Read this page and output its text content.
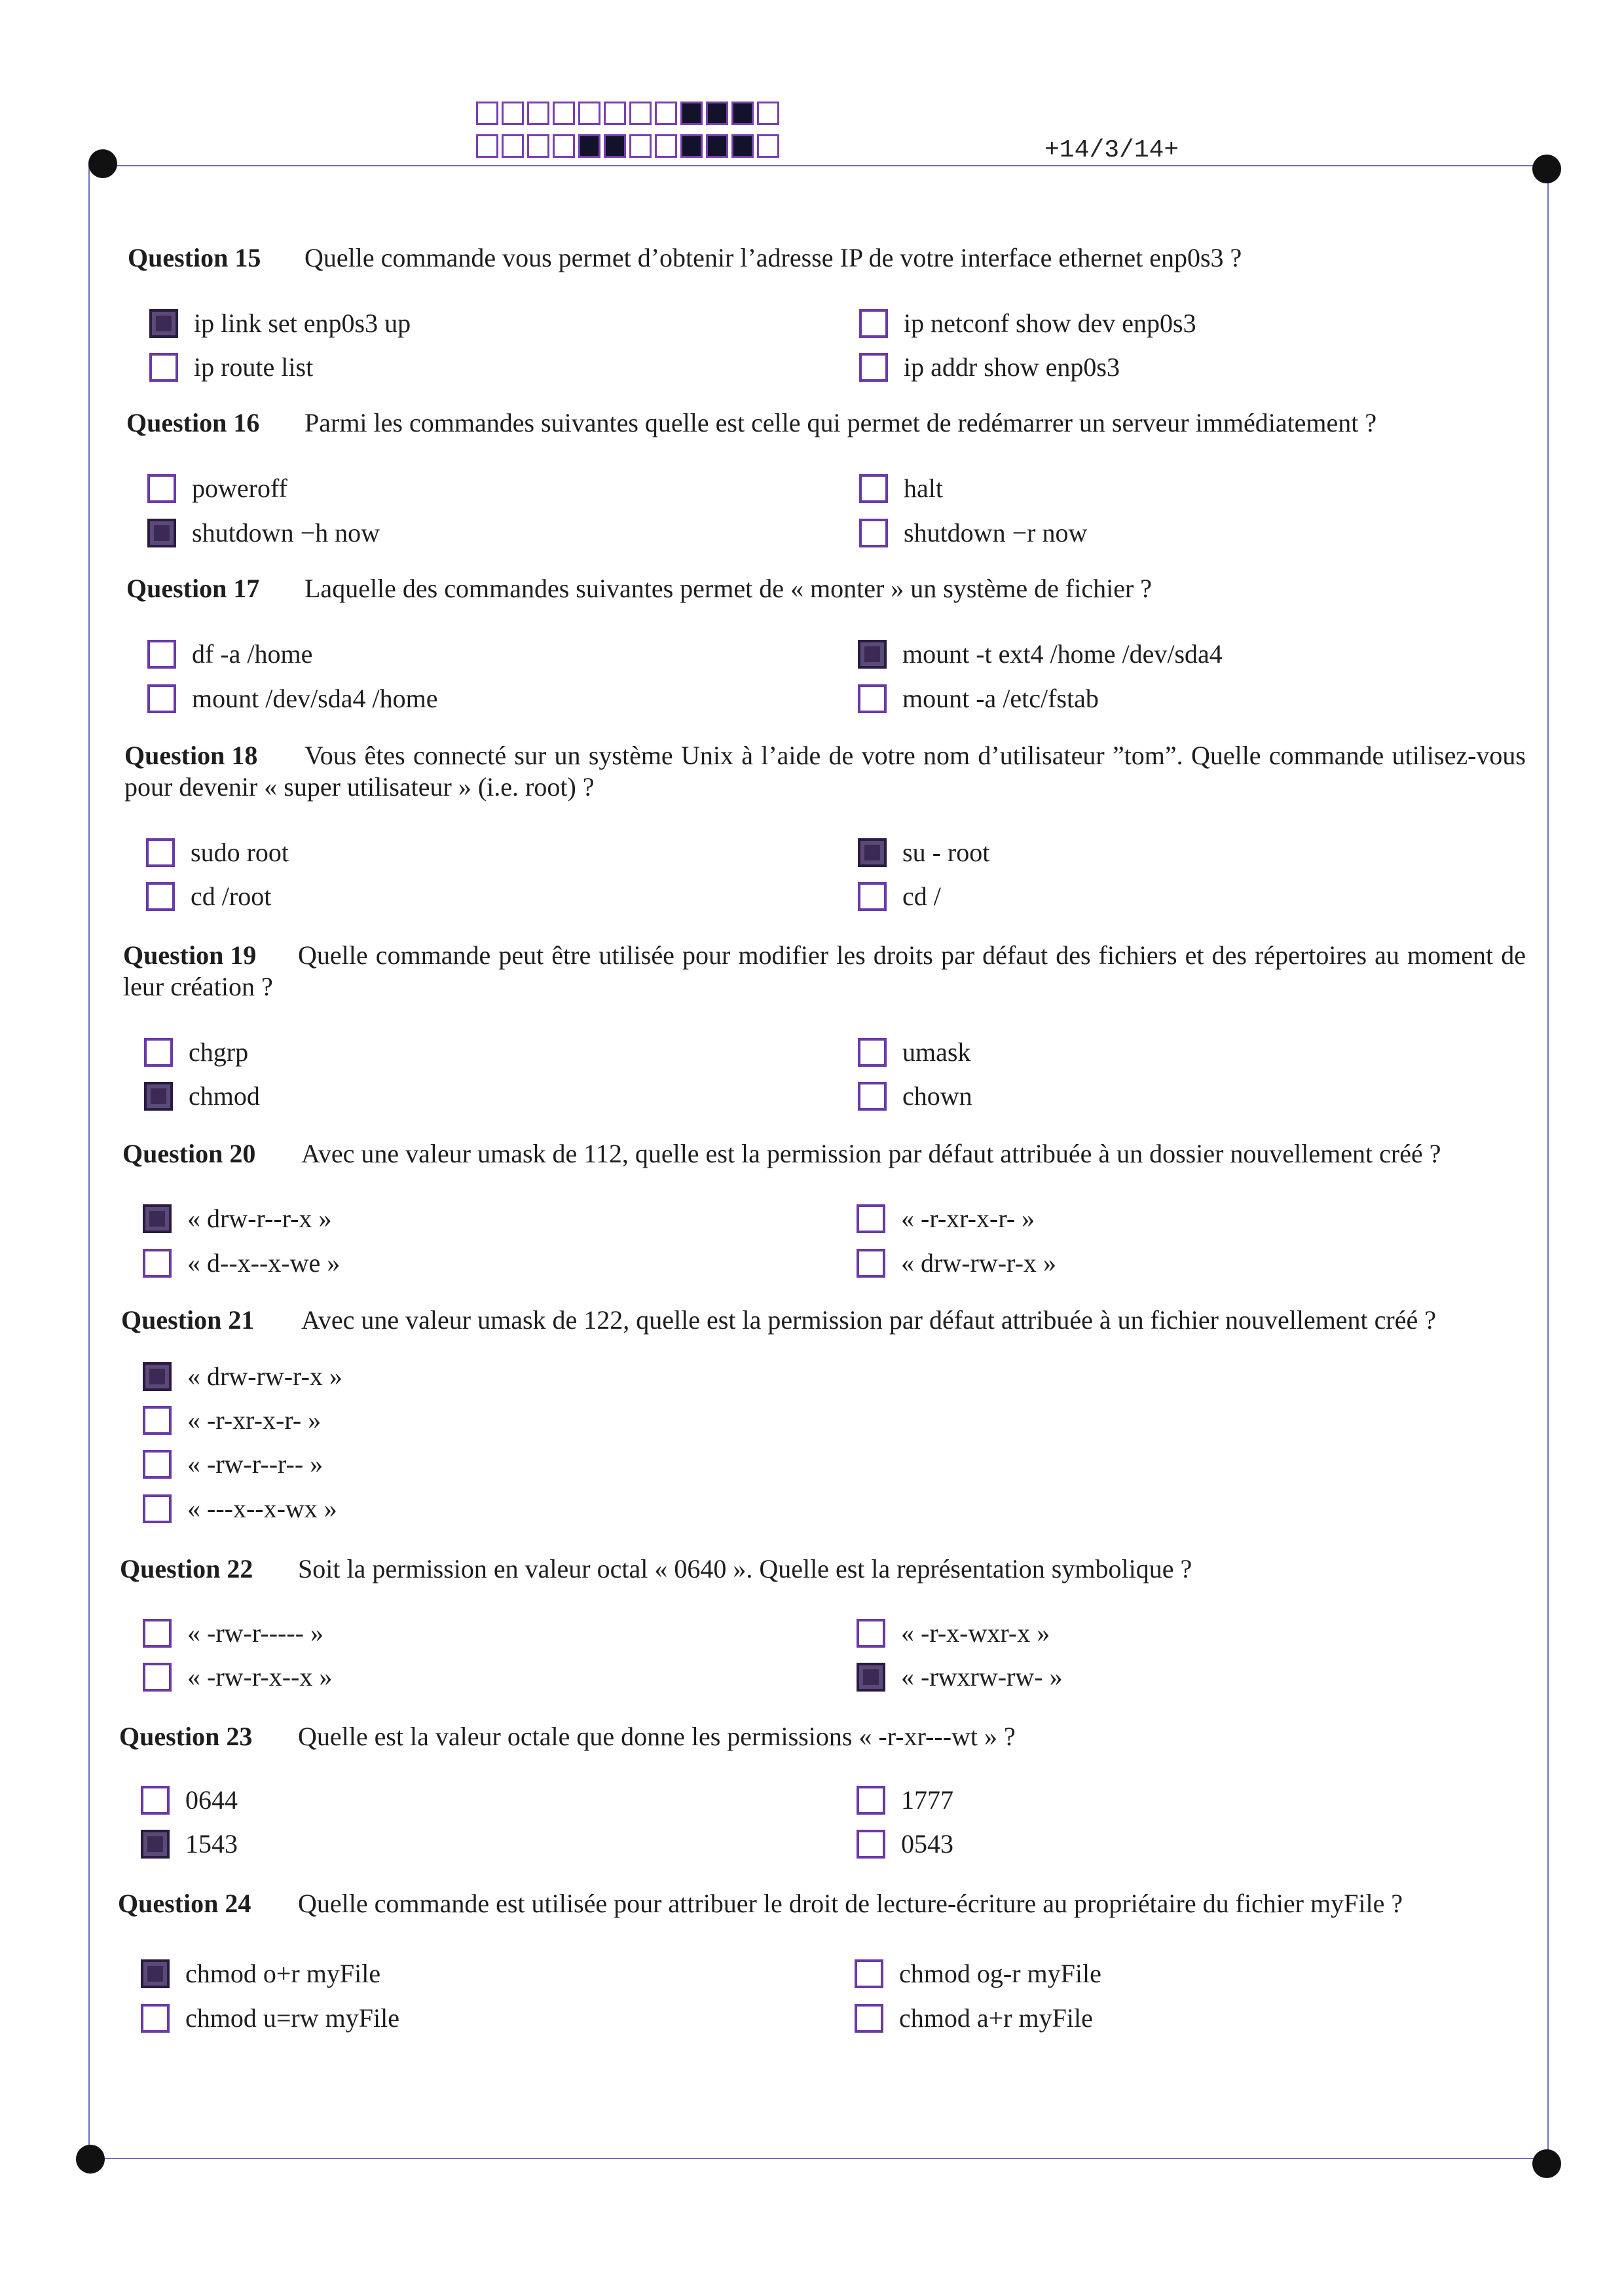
+14/3/14+
Question 15 Quelle commande vous permet d’obtenir l’adresse IP de votre interface ethernet enp0s3 ?
ip link set enp0s3 up	ip netconf show dev enp0s3
ip route list	ip addr show enp0s3
Question 16 Parmi les commandes suivantes quelle est celle qui permet de redémarrer un serveur immédiatement ?
poweroff	halt
shutdown −h now	shutdown −r now
Question 17 Laquelle des commandes suivantes permet de « monter » un système de fichier ?
df -a /home	mount -t ext4 /home /dev/sda4
mount /dev/sda4 /home	mount -a /etc/fstab
Question 18	Vous êtes connecté sur un système Unix à l’aide de votre nom d’utilisateur ”tom”. Quelle commande utilisez-vous pour devenir « super utilisateur » (i.e. root) ?
sudo root	su - root
cd /root	cd /
Question 19	Quelle commande peut être utilisée pour modifier les droits par défaut des fichiers et des répertoires au moment de leur création ?
chgrp	umask
chmod	chown
Question 20 Avec une valeur umask de 112, quelle est la permission par défaut attribuée à un dossier nouvellement créé ?
« drw-r--r-x »	« -r-xr-x-r- »
« d--x--x-we »	« drw-rw-r-x »
Question 21 Avec une valeur umask de 122, quelle est la permission par défaut attribuée à un fichier nouvellement créé ?
« drw-rw-r-x »
« -r-xr-x-r- »
« -rw-r--r-- »
« ---x--x-wx »
Question 22 Soit la permission en valeur octal « 0640 ». Quelle est la représentation symbolique ?
« -rw-r----- »	« -r-x-wxr-x »
« -rw-r-x--x »	« -rwxrw-rw- »
Question 23 Quelle est la valeur octale que donne les permissions « -r-xr---wt » ?
0644	1777
1543	0543
Question 24 Quelle commande est utilisée pour attribuer le droit de lecture-écriture au propriétaire du fichier myFile ?
chmod o+r myFile	chmod og-r myFile
chmod u=rw myFile	chmod a+r myFile
